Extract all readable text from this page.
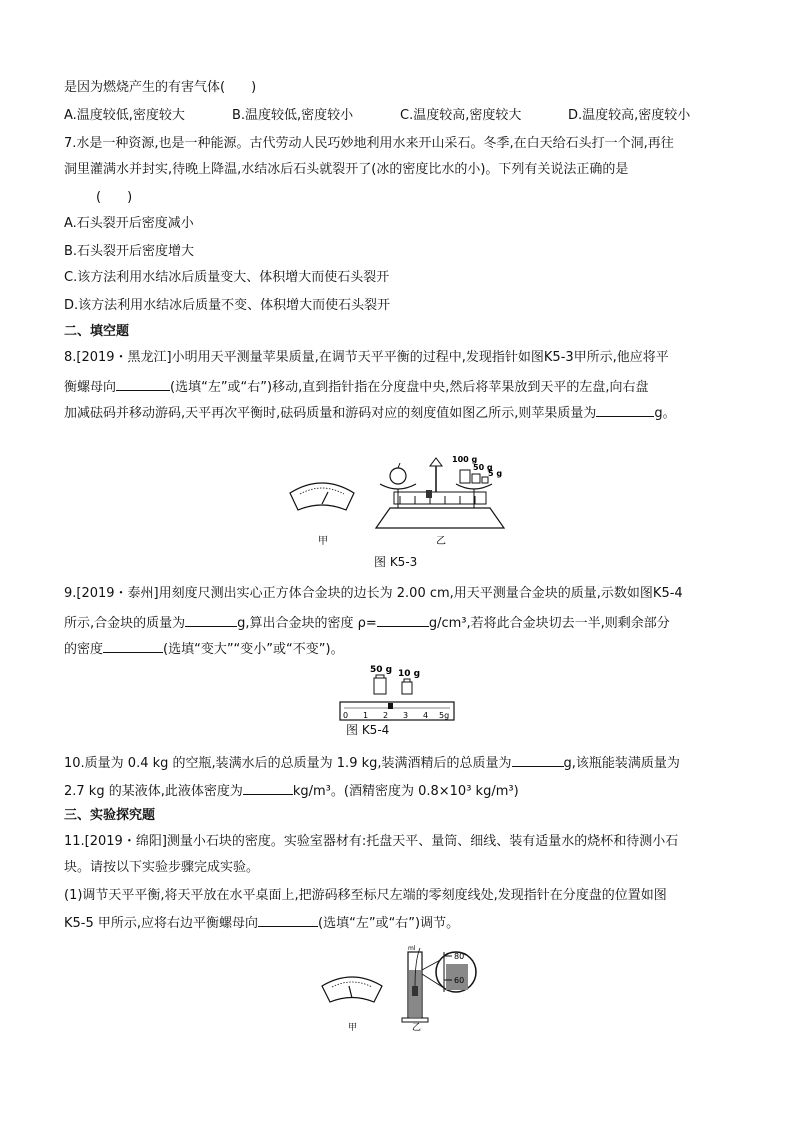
是因为燃烧产生的有害气体(　　)
A.温度较低,密度较大	B.温度较低,密度较小	C.温度较高,密度较大	D.温度较高,密度较小
7.水是一种资源,也是一种能源。古代劳动人民巧妙地利用水来开山采石。冬季,在白天给石头打一个洞,再往
洞里灌满水并封实,待晚上降温,水结冰后石头就裂开了(冰的密度比水的小)。下列有关说法正确的是
(　　)
A.石头裂开后密度减小
B.石头裂开后密度增大
C.该方法利用水结冰后质量变大、体积增大而使石头裂开
D.该方法利用水结冰后质量不变、体积增大而使石头裂开
二、填空题
8.[2019・黑龙江]小明用天平测量苹果质量,在调节天平平衡的过程中,发现指针如图K5-3甲所示,他应将平
衡螺母向	(选填“左”或“右”)移动,直到指针指在分度盘中央,然后将苹果放到天平的左盘,向右盘
加减砝码并移动游码,天平再次平衡时,砝码质量和游码对应的刻度值如图乙所示,则苹果质量为	g。
100 g
50 g
5 g
甲	乙
图 K5-3
9.[2019・泰州]用刻度尺测出实心正方体合金块的边长为 2.00 cm,用天平测量合金块的质量,示数如图K5-4
所示,合金块的质量为	g,算出合金块的密度 ρ=	g/cm³,若将此合金块切去一半,则剩余部分
的密度	(选填“变大”“变小”或“不变”)。
50 g 10 g
0 1 2 3 4 5g
图 K5-4
10.质量为 0.4 kg 的空瓶,装满水后的总质量为 1.9 kg,装满酒精后的总质量为	g,该瓶能装满质量为
2.7 kg 的某液体,此液体密度为	kg/m³。(酒精密度为 0.8×10³ kg/m³)
三、实验探究题
11.[2019・绵阳]测量小石块的密度。实验室器材有:托盘天平、量筒、细线、装有适量水的烧杯和待测小石
块。请按以下实验步骤完成实验。
(1)调节天平平衡,将天平放在水平桌面上,把游码移至标尺左端的零刻度线处,发现指针在分度盘的位置如图
K5-5 甲所示,应将右边平衡螺母向	(选填“左”或“右”)调节。
ml
80
60
甲	乙
